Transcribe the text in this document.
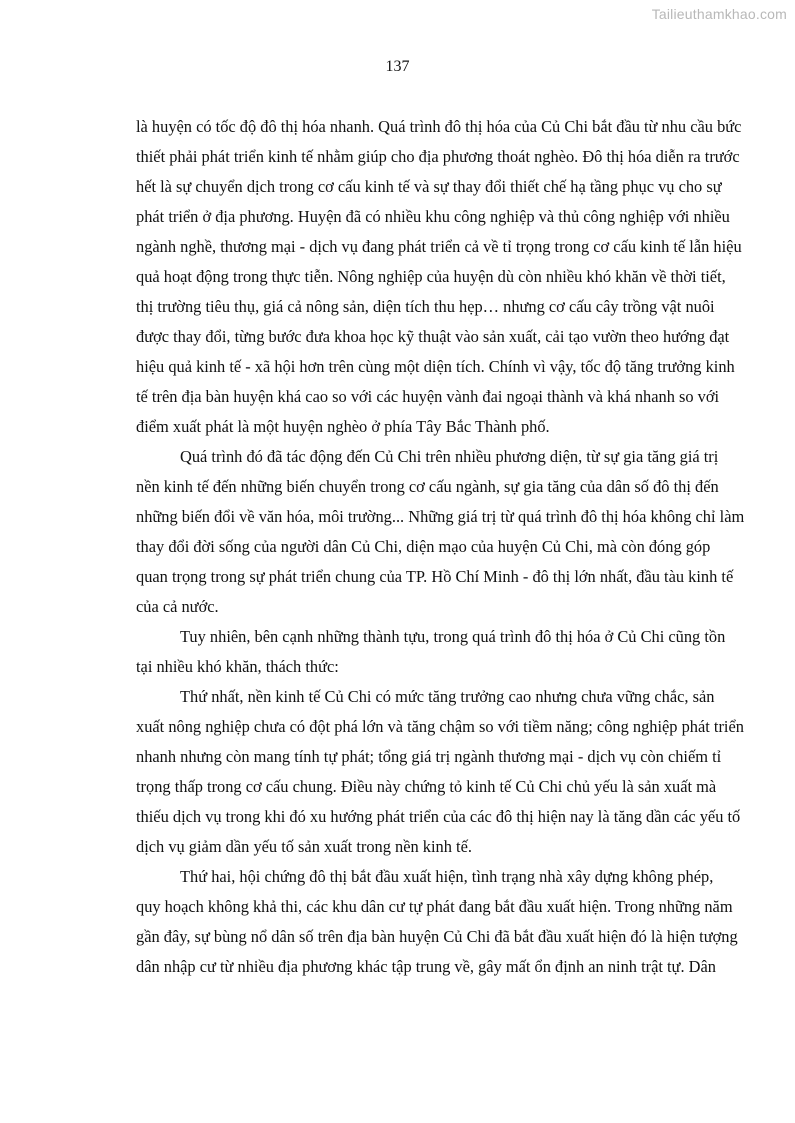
Tailieuthamkhao.com
137
là huyện có tốc độ đô thị hóa nhanh. Quá trình đô thị hóa của Củ Chi bắt đầu từ nhu cầu bức
thiết phải phát triển kinh tế nhằm giúp cho địa phương thoát nghèo. Đô thị hóa diễn ra trước
hết là sự chuyển dịch trong cơ cấu kinh tế và sự thay đổi thiết chế hạ tầng phục vụ cho sự
phát triển ở địa phương. Huyện đã có nhiều khu công nghiệp và thủ công nghiệp với nhiều
ngành nghề, thương mại - dịch vụ đang phát triển cả về tỉ trọng trong cơ cấu kinh tế lẫn hiệu
quả hoạt động trong thực tiễn. Nông nghiệp của huyện dù còn nhiều khó khăn về thời tiết,
thị trường tiêu thụ, giá cả nông sản, diện tích thu hẹp… nhưng cơ cấu cây trồng vật nuôi
được thay đổi, từng bước đưa khoa học kỹ thuật vào sản xuất, cải tạo vườn theo hướng đạt
hiệu quả kinh tế - xã hội hơn trên cùng một diện tích. Chính vì vậy, tốc độ tăng trưởng kinh
tế trên địa bàn huyện khá cao so với các huyện vành đai ngoại thành và khá nhanh so với
điểm xuất phát là một huyện nghèo ở phía Tây Bắc Thành phố.
Quá trình đó đã tác động đến Củ Chi trên nhiều phương diện, từ sự gia tăng giá trị
nền kinh tế đến những biến chuyển trong cơ cấu ngành, sự gia tăng của dân số đô thị đến
những biến đổi về văn hóa, môi trường... Những giá trị từ quá trình đô thị hóa không chỉ làm
thay đổi đời sống của người dân Củ Chi, diện mạo của huyện Củ Chi, mà còn đóng góp
quan trọng trong sự phát triển chung của TP. Hồ Chí Minh - đô thị lớn nhất, đầu tàu kinh tế
của cả nước.
Tuy nhiên, bên cạnh những thành tựu, trong quá trình đô thị hóa ở Củ Chi cũng tồn
tại nhiều khó khăn, thách thức:
Thứ nhất, nền kinh tế Củ Chi có mức tăng trưởng cao nhưng chưa vững chắc, sản
xuất nông nghiệp chưa có đột phá lớn và tăng chậm so với tiềm năng; công nghiệp phát triển
nhanh nhưng còn mang tính tự phát; tổng giá trị ngành thương mại - dịch vụ còn chiếm tỉ
trọng thấp trong cơ cấu chung. Điều này chứng tỏ kinh tế Củ Chi chủ yếu là sản xuất mà
thiếu dịch vụ trong khi đó xu hướng phát triển của các đô thị hiện nay là tăng dần các yếu tố
dịch vụ giảm dần yếu tố sản xuất trong nền kinh tế.
Thứ hai, hội chứng đô thị bắt đầu xuất hiện, tình trạng nhà xây dựng không phép,
quy hoạch không khả thi, các khu dân cư tự phát đang bắt đầu xuất hiện. Trong những năm
gần đây, sự bùng nổ dân số trên địa bàn huyện Củ Chi đã bắt đầu xuất hiện đó là hiện tượng
dân nhập cư từ nhiều địa phương khác tập trung về, gây mất ổn định an ninh trật tự. Dân
